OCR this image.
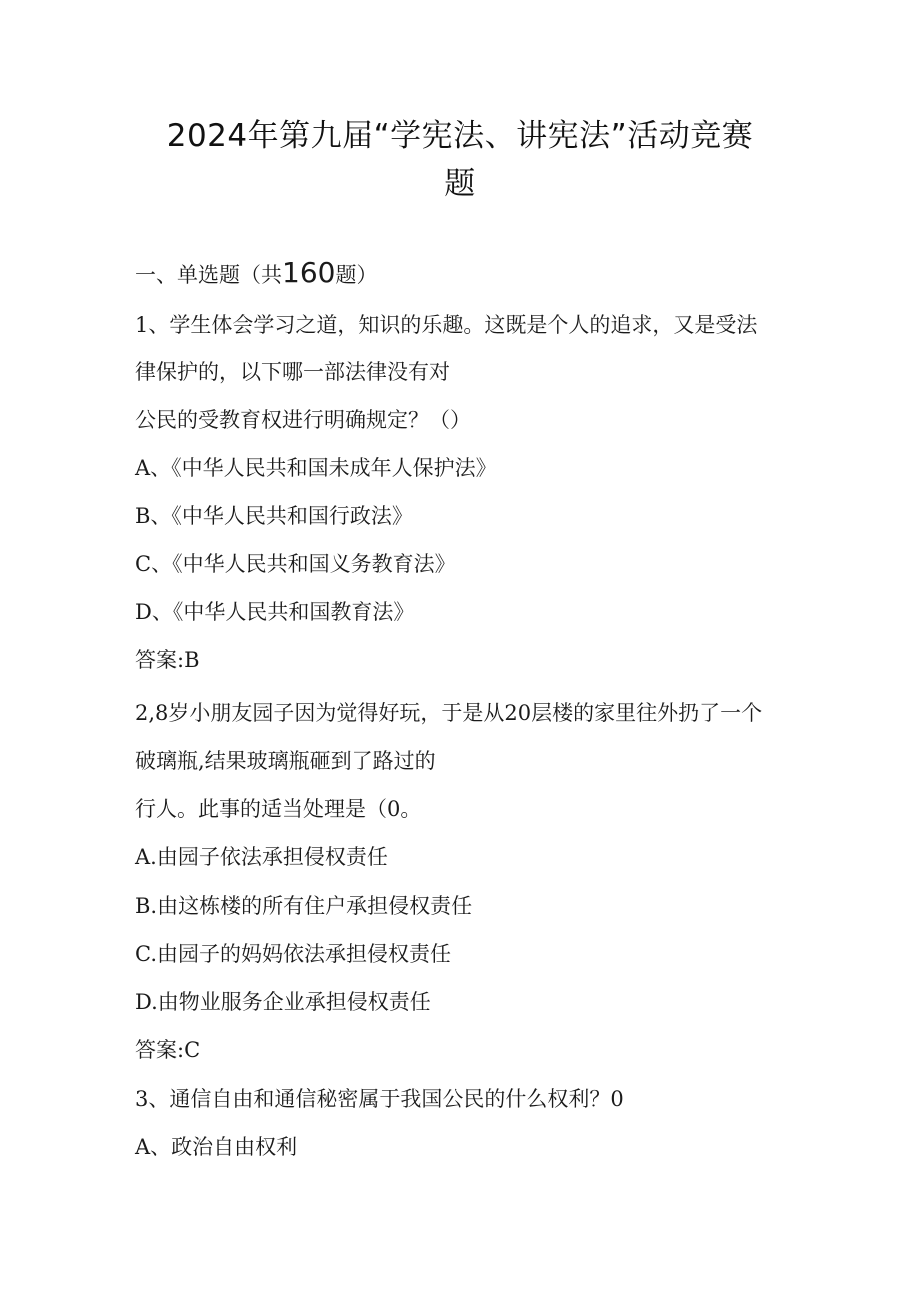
2024年第九届“学宪法、讲宪法”活动竞赛
题
一、单选题（共160题）
1、学生体会学习之道，知识的乐趣。这既是个人的追求，又是受法
律保护的，以下哪一部法律没有对
公民的受教育权进行明确规定？（）
A、《中华人民共和国未成年人保护法》
B、《中华人民共和国行政法》
C、《中华人民共和国义务教育法》
D、《中华人民共和国教育法》
答案:B
2,8岁小朋友园子因为觉得好玩，于是从20层楼的家里往外扔了一个
破璃瓶,结果玻璃瓶砸到了路过的
行人。此事的适当处理是（0。
A.由园子依法承担侵权责任
B.由这栋楼的所有住户承担侵权责任
C.由园子的妈妈依法承担侵权责任
D.由物业服务企业承担侵权责任
答案:C
3、通信自由和通信秘密属于我国公民的什么权利？0
A、政治自由权利
